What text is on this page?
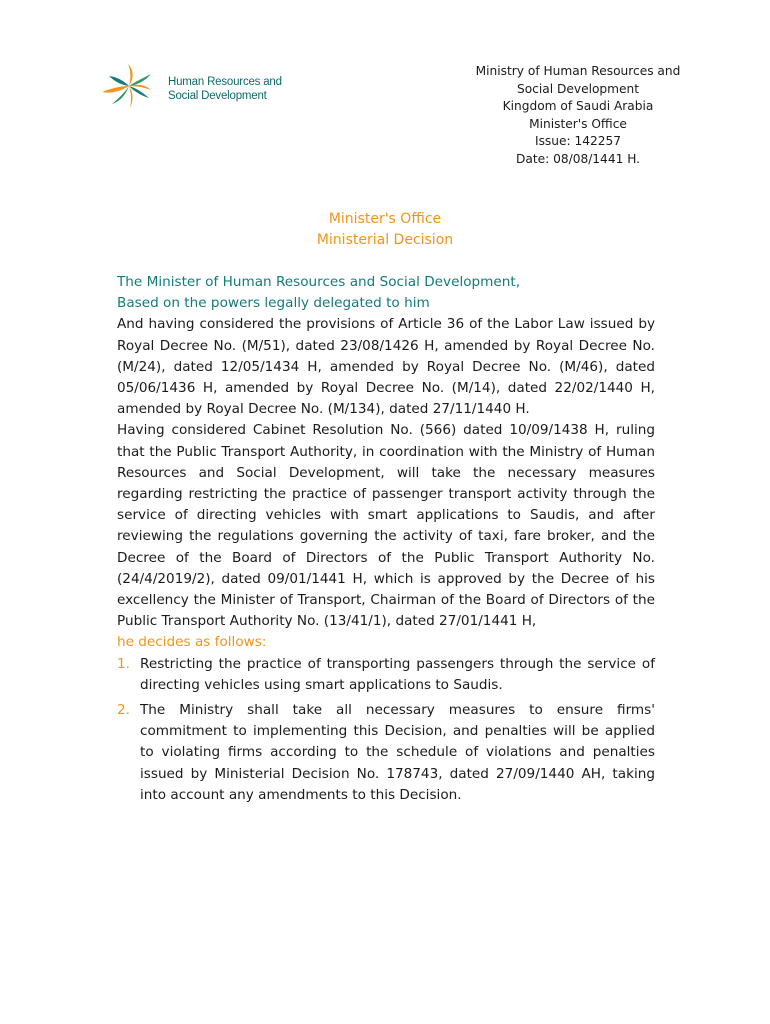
Human Resources and
Social Development
Ministry of Human Resources and
Social Development
Kingdom of Saudi Arabia
Minister's Office
Issue: 142257
Date: 08/08/1441 H.
Minister's Office
Ministerial Decision

The Minister of Human Resources and Social Development,

Based on the powers legally delegated to him

And having considered the provisions of Article 36 of the Labor Law issued by Royal Decree No. (M/51), dated 23/08/1426 H, amended by Royal Decree No. (M/24), dated 12/05/1434 H, amended by Royal Decree No. (M/46), dated 05/06/1436 H, amended by Royal Decree No. (M/14), dated 22/02/1440 H, amended by Royal Decree No. (M/134), dated 27/11/1440 H.

Having considered Cabinet Resolution No. (566) dated 10/09/1438 H, ruling that the Public Transport Authority, in coordination with the Ministry of Human Resources and Social Development, will take the necessary measures regarding restricting the practice of passenger transport activity through the service of directing vehicles with smart applications to Saudis, and after reviewing the regulations governing the activity of taxi, fare broker, and the Decree of the Board of Directors of the Public Transport Authority No. (24/4/2019/2), dated 09/01/1441 H, which is approved by the Decree of his excellency the Minister of Transport, Chairman of the Board of Directors of the Public Transport Authority No. (13/41/1), dated 27/01/1441 H,

he decides as follows:

1. Restricting the practice of transporting passengers through the service of directing vehicles using smart applications to Saudis.
2. The Ministry shall take all necessary measures to ensure firms' commitment to implementing this Decision, and penalties will be applied to violating firms according to the schedule of violations and penalties issued by Ministerial Decision No. 178743, dated 27/09/1440 AH, taking into account any amendments to this Decision.
